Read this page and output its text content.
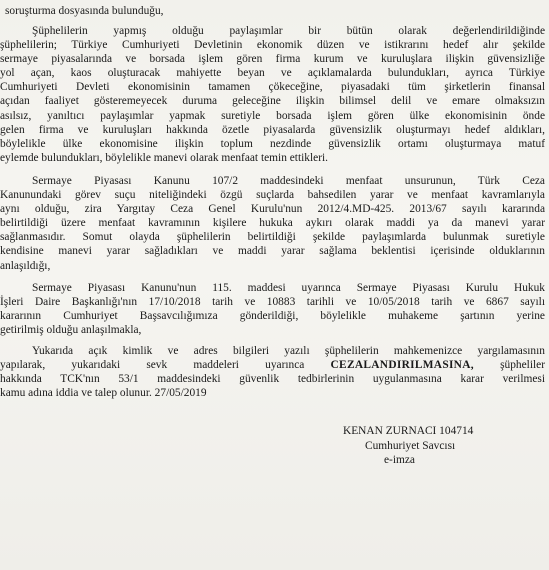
soruşturma dosyasında bulunduğu,

Şüphelilerin yapmış olduğu paylaşımlar bir bütün olarak değerlendirildiğinde
şüphelilerin; Türkiye Cumhuriyeti Devletinin ekonomik düzen ve istikrarını hedef alır şekilde
sermaye piyasalarında ve borsada işlem gören firma kurum ve kuruluşlara ilişkin güvensizliğe
yol açan, kaos oluşturacak mahiyette beyan ve açıklamalarda bulundukları, ayrıca Türkiye
Cumhuriyeti Devleti ekonomisinin tamamen çökeceğine, piyasadaki tüm şirketlerin finansal
açıdan faaliyet gösteremeyecek duruma geleceğine ilişkin bilimsel delil ve emare olmaksızın
asılsız, yanıltıcı paylaşımlar yapmak suretiyle borsada işlem gören ülke ekonomisinin önde
gelen firma ve kuruluşları hakkında özetle piyasalarda güvensizlik oluşturmayı hedef aldıkları,
böylelikle ülke ekonomisine ilişkin toplum nezdinde güvensizlik ortamı oluşturmaya matuf
eylemde bulundukları, böylelikle manevi olarak menfaat temin ettikleri.

Sermaye Piyasası Kanunu 107/2 maddesindeki menfaat unsurunun, Türk Ceza
Kanunundaki görev suçu niteliğindeki özgü suçlarda bahsedilen yarar ve menfaat kavramlarıyla
aynı olduğu, zira Yargıtay Ceza Genel Kurulu'nun 2012/4.MD-425. 2013/67 sayılı kararında
belirtildiği üzere menfaat kavramının kişilere hukuka aykırı olarak maddi ya da manevi yarar
sağlanmasıdır. Somut olayda şüphelilerin belirtildiği şekilde paylaşımlarda bulunmak suretiyle
kendisine manevi yarar sağladıkları ve maddi yarar sağlama beklentisi içerisinde olduklarının
anlaşıldığı,

Sermaye Piyasası Kanunu'nun 115. maddesi uyarınca Sermaye Piyasası Kurulu Hukuk
İşleri Daire Başkanlığı'nın 17/10/2018 tarih ve 10883 tarihli ve 10/05/2018 tarih ve 6867 sayılı
kararının Cumhuriyet Başsavcılığımıza gönderildiği, böylelikle muhakeme şartının yerine
getirilmiş olduğu anlaşılmakla,

Yukarıda açık kimlik ve adres bilgileri yazılı şüphelilerin mahkemenizce yargılamasının
yapılarak, yukarıdaki sevk maddeleri uyarınca CEZALANDIRILMASINA, şüpheliler
hakkında TCK'nın 53/1 maddesindeki güvenlik tedbirlerinin uygulanmasına karar verilmesi
kamu adına iddia ve talep olunur. 27/05/2019

KENAN ZURNACI 104714
Cumhuriyet Savcısı
e-imza
